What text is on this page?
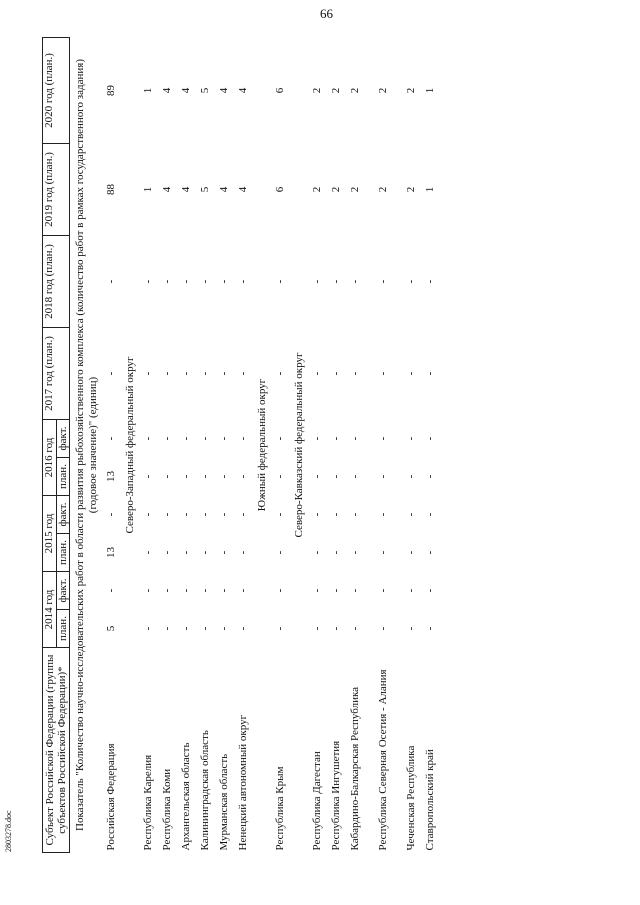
66
2803278.doc	Субъект Российской Федерации (группы субъектов Российской Федерации)*	2014 год		2015 год		2016 год		2017 год (план.)	2018 год (план.)	2019 год (план.)	2020 год (план.)
	план.	факт.	план.	факт.	план.	факт.				
Показатель "Количество научно-исследовательских работ в области развития рыбохозяйственного комплекса (количество работ в рамках государственного задания) (годовое значение)" (единиц)										
Российская Федерация	5	-	13	-	13	-	-	-	88	89
Северо-Западный федеральный округ										
Республика Карелия	-	-	-	-	-	-	-	-	1	1
Республика Коми	-	-	-	-	-	-	-	-	4	4
Архангельская область	-	-	-	-	-	-	-	-	4	4
Калининградская область	-	-	-	-	-	-	-	-	5	5
Мурманская область	-	-	-	-	-	-	-	-	4	4
Ненецкий автономный округ	-	-	-	-	-	-	-	-	4	4
Южный федеральный округ										
Республика Крым	-	-	-	-	-	-	-	-	6	6
Северо-Кавказский федеральный округ										
Республика Дагестан	-	-	-	-	-	-	-	-	2	2
Республика Ингушетия	-	-	-	-	-	-	-	-	2	2
Кабардино-Балкарская Республика	-	-	-	-	-	-	-	-	2	2
Республика Северная Осетия - Алания	-	-	-	-	-	-	-	-	2	2
Чеченская Республика	-	-	-	-	-	-	-	-	2	2
Ставропольский край	-	-	-	-	-	-	-	-	1	1
